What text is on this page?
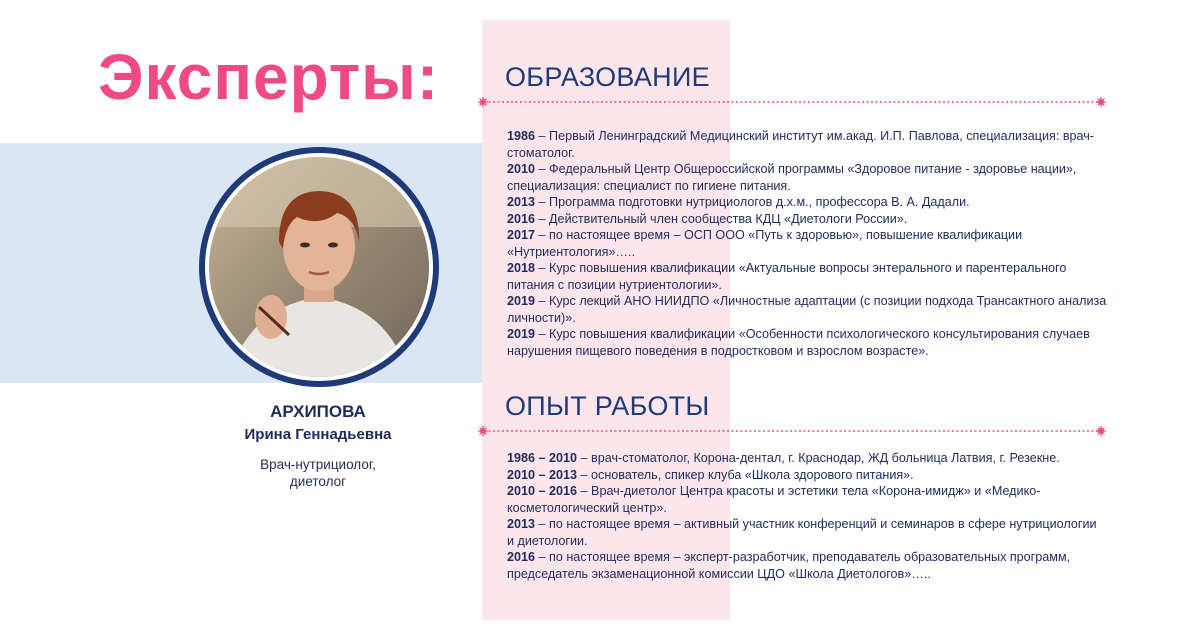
Эксперты:
АРХИПОВА
Ирина Геннадьевна
Врач-нутрициолог,
диетолог
ОБРАЗОВАНИЕ
1986 – Первый Ленинградский Медицинский институт им.акад. И.П. Павлова, специализация: врач-стоматолог.
2010 – Федеральный Центр Общероссийской программы «Здоровое питание - здоровье нации», специализация: специалист по гигиене питания.
2013 – Программа подготовки нутрициологов д.х.м., профессора В. А. Дадали.
2016 – Действительный член сообщества КДЦ «Диетологи России».
2017 – по настоящее время – ОСП ООО «Путь к здоровью», повышение квалификации «Нутриентология»…..
2018 – Курс повышения квалификации «Актуальные вопросы энтерального и парентерального питания с позиции нутриентологии».
2019 – Курс лекций АНО НИИДПО «Личностные адаптации (с позиции подхода Трансактного анализа личности)».
2019 – Курс повышения квалификации «Особенности психологического консультирования случаев нарушения пищевого поведения в подростковом и взрослом возрасте».
ОПЫТ РАБОТЫ
1986 – 2010 – врач-стоматолог, Корона-дентал, г. Краснодар, ЖД больница Латвия, г. Резекне.
2010 – 2013 – основатель, спикер клуба «Школа здорового питания».
2010 – 2016 – Врач-диетолог Центра красоты и эстетики тела «Корона-имидж» и «Медико-косметологический центр».
2013 – по настоящее время – активный участник конференций и семинаров в сфере нутрициологии и диетологии.
2016 – по настоящее время – эксперт-разработчик, преподаватель образовательных программ, председатель экзаменационной комиссии ЦДО «Школа Диетологов»…..
